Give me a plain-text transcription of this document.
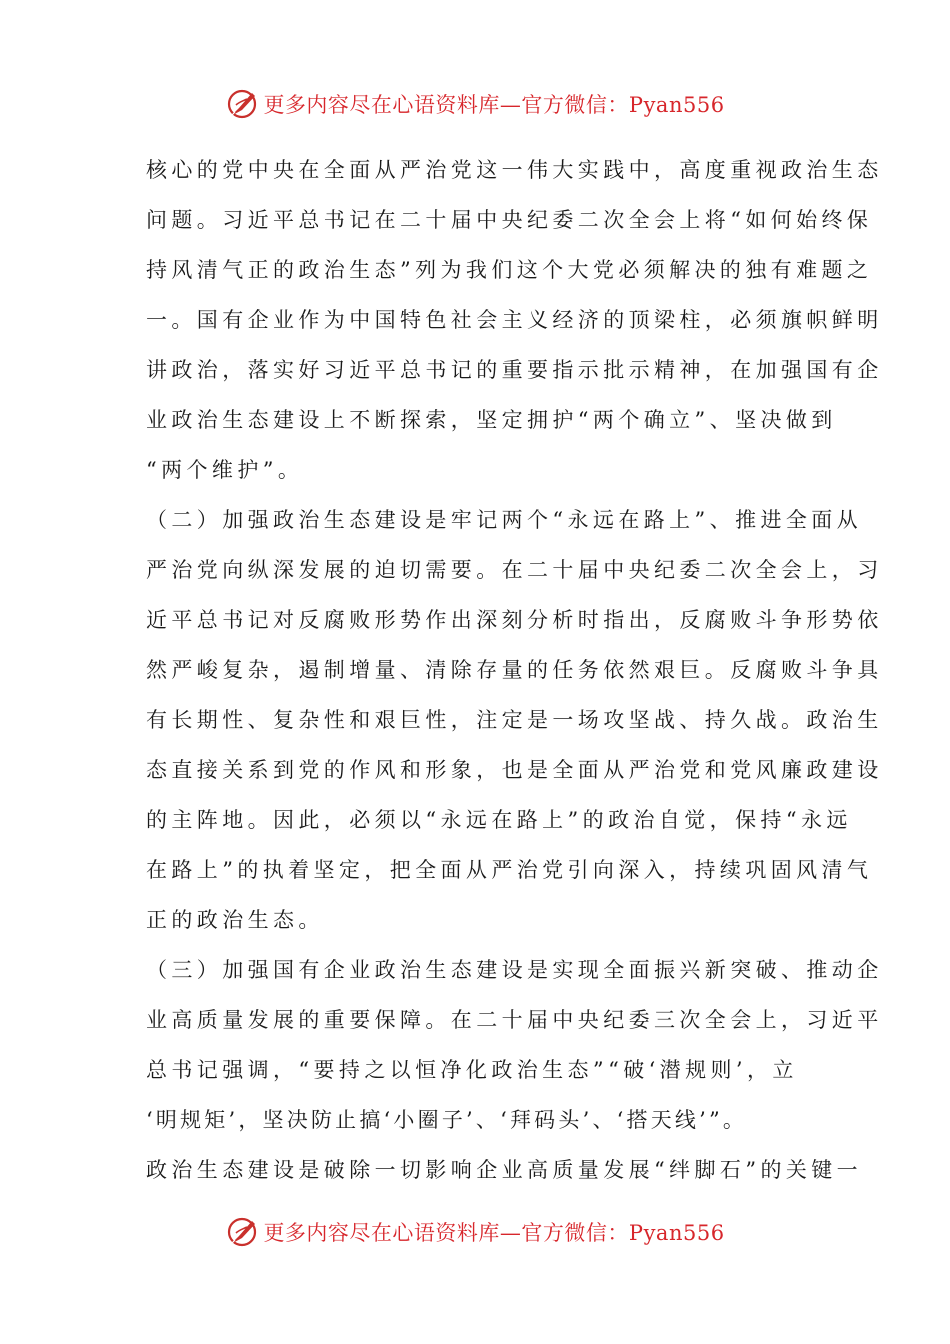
更多内容尽在心语资料库—官方微信：Pyan556
核心的党中央在全面从严治党这一伟大实践中，高度重视政治生态
问题。习近平总书记在二十届中央纪委二次全会上将“如何始终保
持风清气正的政治生态”列为我们这个大党必须解决的独有难题之
一。国有企业作为中国特色社会主义经济的顶梁柱，必须旗帜鲜明
讲政治，落实好习近平总书记的重要指示批示精神，在加强国有企
业政治生态建设上不断探索，坚定拥护“两个确立”、坚决做到
“两个维护”。
（二）加强政治生态建设是牢记两个“永远在路上”、推进全面从
严治党向纵深发展的迫切需要。在二十届中央纪委二次全会上，习
近平总书记对反腐败形势作出深刻分析时指出，反腐败斗争形势依
然严峻复杂，遏制增量、清除存量的任务依然艰巨。反腐败斗争具
有长期性、复杂性和艰巨性，注定是一场攻坚战、持久战。政治生
态直接关系到党的作风和形象，也是全面从严治党和党风廉政建设
的主阵地。因此，必须以“永远在路上”的政治自觉，保持“永远
在路上”的执着坚定，把全面从严治党引向深入，持续巩固风清气
正的政治生态。
（三）加强国有企业政治生态建设是实现全面振兴新突破、推动企
业高质量发展的重要保障。在二十届中央纪委三次全会上，习近平
总书记强调，“要持之以恒净化政治生态”“破‘潜规则’，立
‘明规矩’，坚决防止搞‘小圈子’、‘拜码头’、‘搭天线’”。
政治生态建设是破除一切影响企业高质量发展“绊脚石”的关键一
更多内容尽在心语资料库—官方微信：Pyan556
